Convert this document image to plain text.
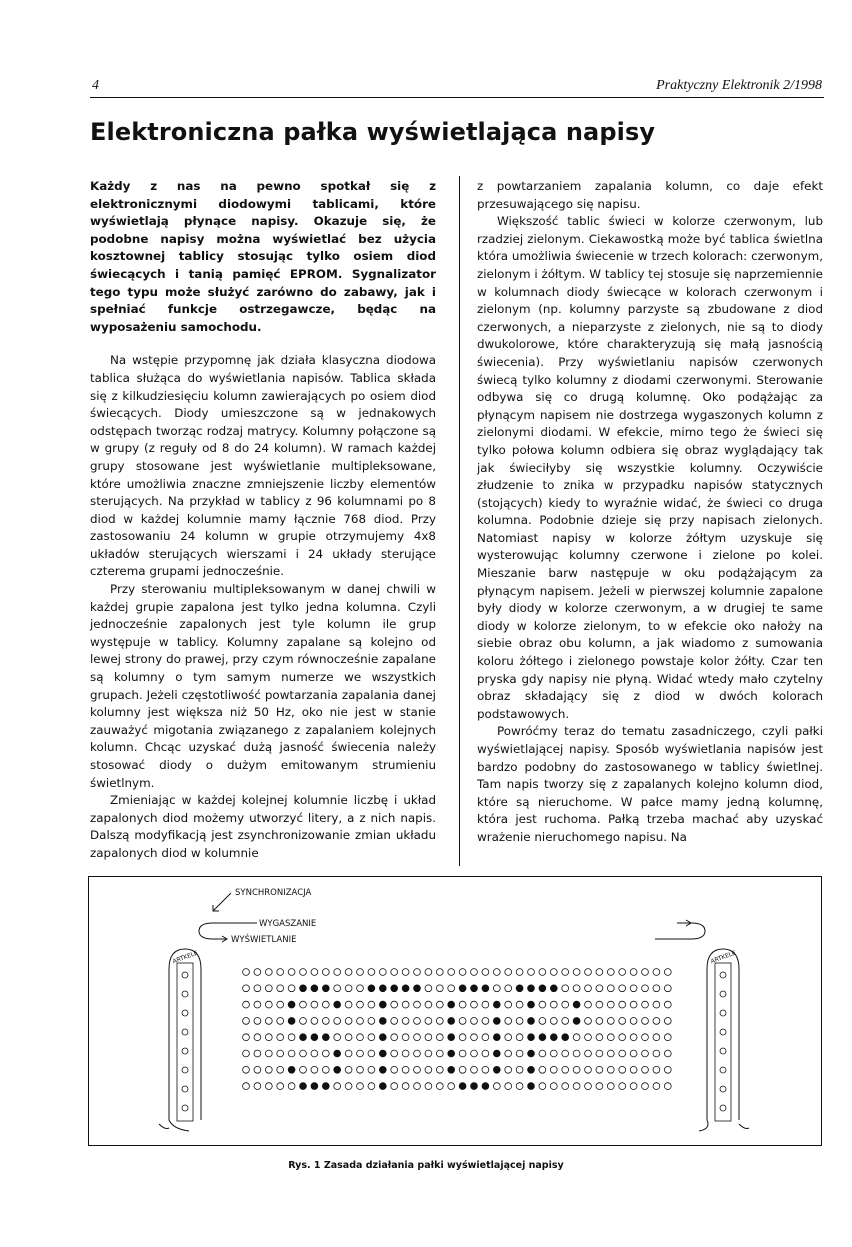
4	Praktyczny Elektronik 2/1998
Elektroniczna pałka wyświetlająca napisy

Każdy z nas na pewno spotkał się z elektronicznymi diodowymi tablicami, które wyświetlają płynące napisy. Okazuje się, że podobne napisy można wyświetlać bez użycia kosztownej tablicy stosując tylko osiem diod świecących i tanią pamięć EPROM. Sygnalizator tego typu może służyć zarówno do zabawy, jak i spełniać funkcje ostrzegawcze, będąc na wyposażeniu samochodu.

Na wstępie przypomnę jak działa klasyczna diodowa tablica służąca do wyświetlania napisów. Tablica składa się z kilkudziesięciu kolumn zawierających po osiem diod świecących. Diody umieszczone są w jednakowych odstępach tworząc rodzaj matrycy. Kolumny połączone są w grupy (z reguły od 8 do 24 kolumn). W ramach każdej grupy stosowane jest wyświetlanie multipleksowane, które umożliwia znaczne zmniejszenie liczby elementów sterujących. Na przykład w tablicy z 96 kolumnami po 8 diod w każdej kolumnie mamy łącznie 768 diod. Przy zastosowaniu 24 kolumn w grupie otrzymujemy 4x8 układów sterujących wierszami i 24 układy sterujące czterema grupami jednocześnie.

Przy sterowaniu multipleksowanym w danej chwili w każdej grupie zapalona jest tylko jedna kolumna. Czyli jednocześnie zapalonych jest tyle kolumn ile grup występuje w tablicy. Kolumny zapalane są kolejno od lewej strony do prawej, przy czym równocześnie zapalane są kolumny o tym samym numerze we wszystkich grupach. Jeżeli częstotliwość powtarzania zapalania danej kolumny jest większa niż 50 Hz, oko nie jest w stanie zauważyć migotania związanego z zapalaniem kolejnych kolumn. Chcąc uzyskać dużą jasność świecenia należy stosować diody o dużym emitowanym strumieniu świetlnym.

Zmieniając w każdej kolejnej kolumnie liczbę i układ zapalonych diod możemy utworzyć litery, a z nich napis. Dalszą modyfikacją jest zsynchronizowanie zmian układu zapalonych diod w kolumnie

z powtarzaniem zapalania kolumn, co daje efekt przesuwającego się napisu.

Większość tablic świeci w kolorze czerwonym, lub rzadziej zielonym. Ciekawostką może być tablica świetlna która umożliwia świecenie w trzech kolorach: czerwonym, zielonym i żółtym. W tablicy tej stosuje się naprzemiennie w kolumnach diody świecące w kolorach czerwonym i zielonym (np. kolumny parzyste są zbudowane z diod czerwonych, a nieparzyste z zielonych, nie są to diody dwukolorowe, które charakteryzują się małą jasnością świecenia). Przy wyświetlaniu napisów czerwonych świecą tylko kolumny z diodami czerwonymi. Sterowanie odbywa się co drugą kolumnę. Oko podążając za płynącym napisem nie dostrzega wygaszonych kolumn z zielonymi diodami. W efekcie, mimo tego że świeci się tylko połowa kolumn odbiera się obraz wyglądający tak jak świeciłyby się wszystkie kolumny. Oczywiście złudzenie to znika w przypadku napisów statycznych (stojących) kiedy to wyraźnie widać, że świeci co druga kolumna. Podobnie dzieje się przy napisach zielonych. Natomiast napisy w kolorze żółtym uzyskuje się wysterowując kolumny czerwone i zielone po kolei. Mieszanie barw następuje w oku podążającym za płynącym napisem. Jeżeli w pierwszej kolumnie zapalone były diody w kolorze czerwonym, a w drugiej te same diody w kolorze zielonym, to w efekcie oko nałoży na siebie obraz obu kolumn, a jak wiadomo z sumowania koloru żółtego i zielonego powstaje kolor żółty. Czar ten pryska gdy napisy nie płyną. Widać wtedy mało czytelny obraz składający się z diod w dwóch kolorach podstawowych.

Powróćmy teraz do tematu zasadniczego, czyli pałki wyświetlającej napisy. Sposób wyświetlania napisów jest bardzo podobny do zastosowanego w tablicy świetlnej. Tam napis tworzy się z zapalanych kolejno kolumn diod, które są nieruchome. W pałce mamy jedną kolumnę, która jest ruchoma. Pałką trzeba machać aby uzyskać wrażenie nieruchomego napisu. Na

SYNCHRONIZACJA
WYGASZANIE
WYŚWIETLANIE
ARTKELE	ARTKELE
Rys. 1 Zasada działania pałki wyświetlającej napisy
